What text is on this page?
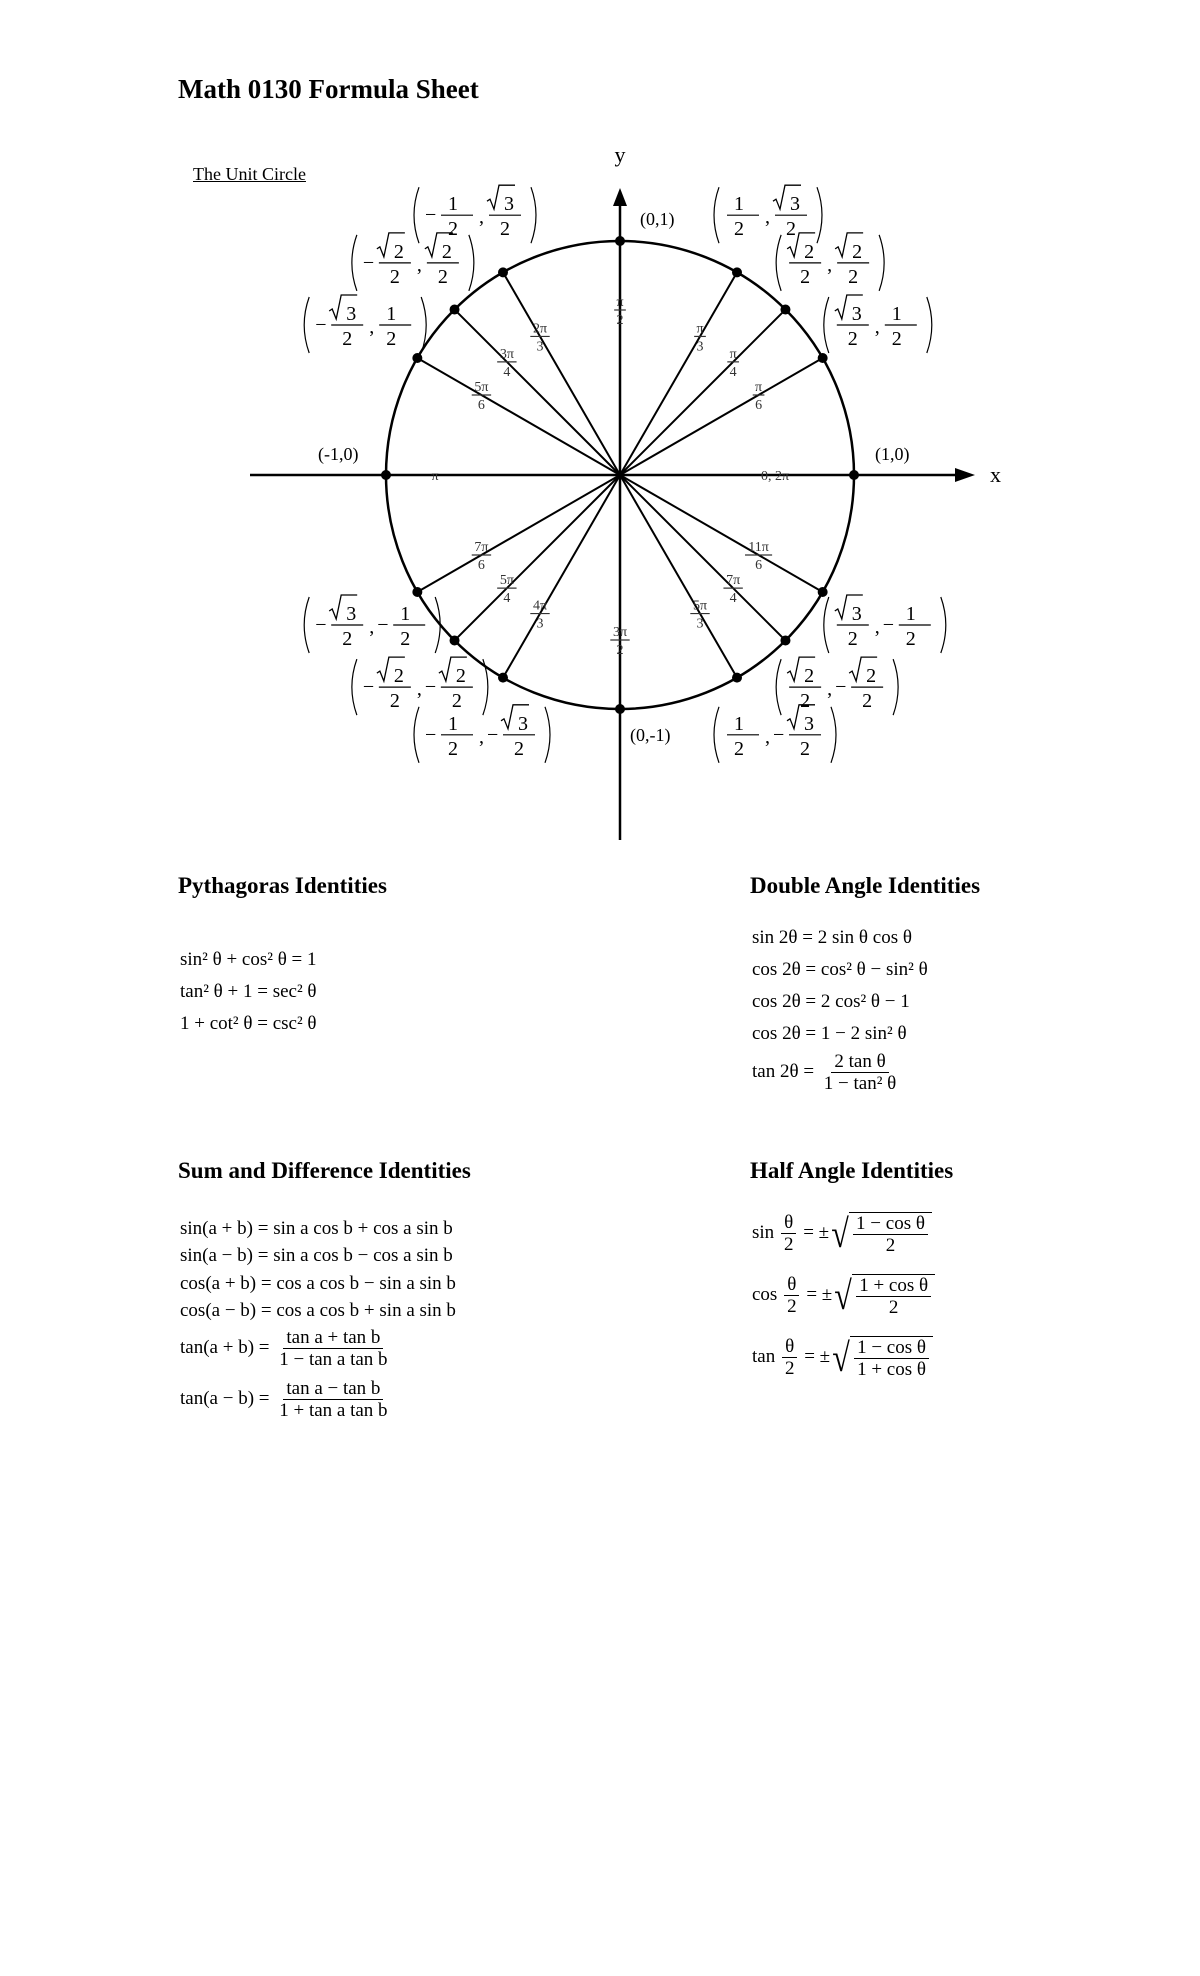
Math 0130 Formula Sheet
The Unit Circle
x
y
(0,1)
(0,-1)
(-1,0)	(1,0)
0, 2π
π
6
3
2
,
1
2
π
4
2
2
,
2
2
π
3
1
2
,
3
2
π
2
2π
3
− 1
2
,
3
2
3π
4
− 2
2
,
2
2
5π
6
− 3
2
,
1
2
π
7π
6
− 3
2
, − 1
2
5π
4
− 2
2
, − 2
2
4π
3
− 1
2
, − 3
2
3π
2
5π
3
1
2
, − 3
2
7π
4
2
2
, − 2
2
11π
6
3
2
, − 1
2
Pythagoras Identities
sin² θ + cos² θ = 1
tan² θ + 1 = sec² θ
1 + cot² θ = csc² θ
Double Angle Identities
sin 2θ = 2 sin θ cos θ
cos 2θ = cos² θ − sin² θ
cos 2θ = 2 cos² θ − 1
cos 2θ = 1 − 2 sin² θ
$\tan 2\theta = \frac{\text{2 tan θ}}{\text{1 − tan² θ}}$
Sum and Difference Identities
sin(a + b) = sin a cos b + cos a sin b
sin(a − b) = sin a cos b − cos a sin b
cos(a + b) = cos a cos b − sin a sin b
cos(a − b) = cos a cos b + sin a sin b
$\tan(a + b) = \frac{\text{tan a + tan b}}{\text{1 − tan a tan b}}$
$\tan(a - b) = \frac{\text{tan a − tan b}}{\text{1 + tan a tan b}}$
Half Angle Identities
$\sin \frac{\theta}{2}$ = ±√ $\frac{\text{1 − cos θ}}{2}$
$\cos \frac{\theta}{2}$ = ±√ $\frac{\text{1 + cos θ}}{2}$
$\tan \frac{\theta}{2}$ = ±√ $\frac{\text{1 − cos θ}}{\text{1 + cos θ}}$
